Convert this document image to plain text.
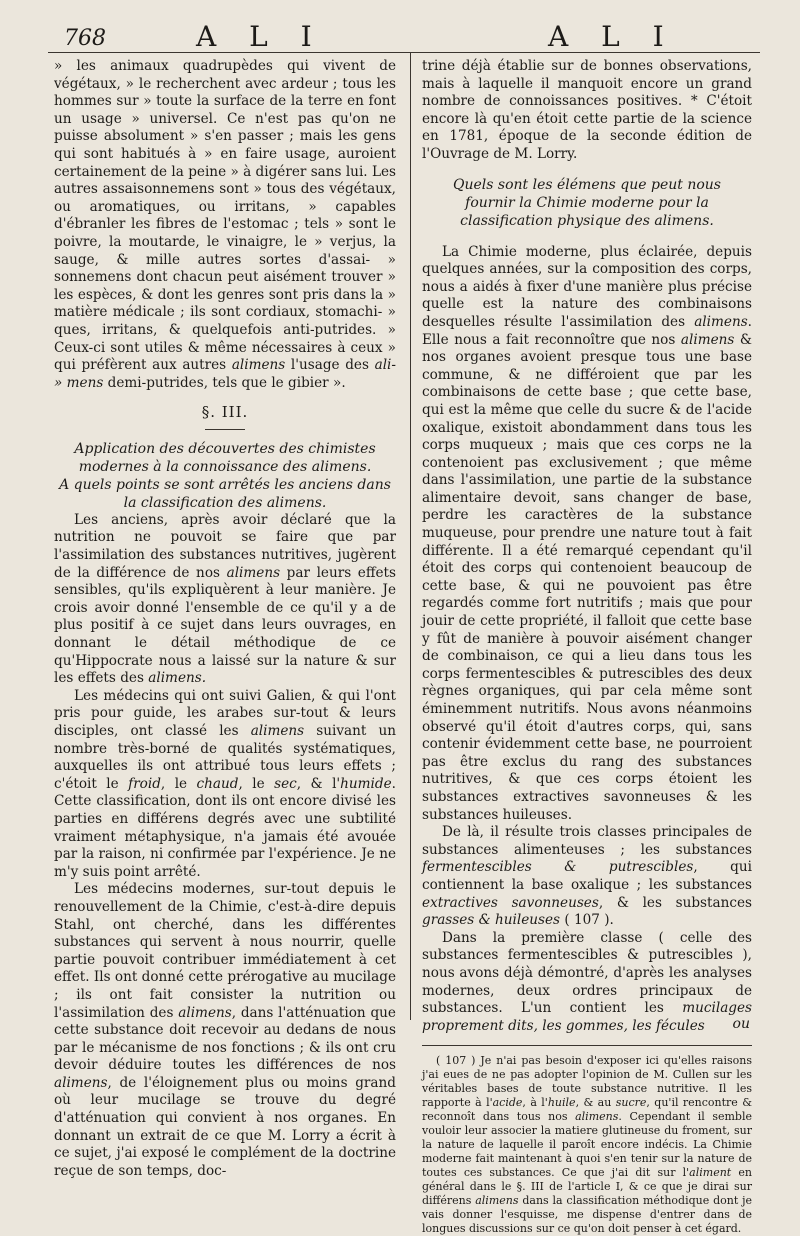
768	A L I	A L I

» les animaux quadrupèdes qui vivent de végétaux, » le recherchent avec ardeur ; tous les hommes sur » toute la surface de la terre en font un usage » universel. Ce n'est pas qu'on ne puisse absolument » s'en passer ; mais les gens qui sont habitués à » en faire usage, auroient certainement de la peine » à digérer sans lui. Les autres assaisonnemens sont » tous des végétaux, ou aromatiques, ou irritans, » capables d'ébranler les fibres de l'estomac ; tels » sont le poivre, la moutarde, le vinaigre, le » verjus, la sauge, & mille autres sortes d'assai- » sonnemens dont chacun peut aisément trouver » les espèces, & dont les genres sont pris dans la » matière médicale ; ils sont cordiaux, stomachi- » ques, irritans, & quelquefois anti-putrides. » Ceux-ci sont utiles & même nécessaires à ceux » qui préfèrent aux autres alimens l'usage des ali- » mens demi-putrides, tels que le gibier ».

§. III.

Application des découvertes des chimistes modernes à la connoissance des alimens.

A quels points se sont arrêtés les anciens dans la classification des alimens.

Les anciens, après avoir déclaré que la nutrition ne pouvoit se faire que par l'assimilation des substances nutritives, jugèrent de la différence de nos alimens par leurs effets sensibles, qu'ils expliquèrent à leur manière. Je crois avoir donné l'ensemble de ce qu'il y a de plus positif à ce sujet dans leurs ouvrages, en donnant le détail méthodique de ce qu'Hippocrate nous a laissé sur la nature & sur les effets des alimens.

Les médecins qui ont suivi Galien, & qui l'ont pris pour guide, les arabes sur-tout & leurs disciples, ont classé les alimens suivant un nombre très-borné de qualités systématiques, auxquelles ils ont attribué tous leurs effets ; c'étoit le froid, le chaud, le sec, & l'humide. Cette classification, dont ils ont encore divisé les parties en différens degrés avec une subtilité vraiment métaphysique, n'a jamais été avouée par la raison, ni confirmée par l'expérience. Je ne m'y suis point arrêté.

Les médecins modernes, sur-tout depuis le renouvellement de la Chimie, c'est-à-dire depuis Stahl, ont cherché, dans les différentes substances qui servent à nous nourrir, quelle partie pouvoit contribuer immédiatement à cet effet. Ils ont donné cette prérogative au mucilage ; ils ont fait consister la nutrition ou l'assimilation des alimens, dans l'atténuation que cette substance doit recevoir au dedans de nous par le mécanisme de nos fonctions ; & ils ont cru devoir déduire toutes les différences de nos alimens, de l'éloignement plus ou moins grand où leur mucilage se trouve du degré d'atténuation qui convient à nos organes. En donnant un extrait de ce que M. Lorry a écrit à ce sujet, j'ai exposé le complément de la doctrine reçue de son temps, doc-

trine déjà établie sur de bonnes observations, mais à laquelle il manquoit encore un grand nombre de connoissances positives. * C'étoit encore là qu'en étoit cette partie de la science en 1781, époque de la seconde édition de l'Ouvrage de M. Lorry.

Quels sont les élémens que peut nous fournir la Chimie moderne pour la classification physique des alimens.

La Chimie moderne, plus éclairée, depuis quelques années, sur la composition des corps, nous a aidés à fixer d'une manière plus précise quelle est la nature des combinaisons desquelles résulte l'assimilation des alimens. Elle nous a fait reconnoître que nos alimens & nos organes avoient presque tous une base commune, & ne différoient que par les combinaisons de cette base ; que cette base, qui est la même que celle du sucre & de l'acide oxalique, existoit abondamment dans tous les corps muqueux ; mais que ces corps ne la contenoient pas exclusivement ; que même dans l'assimilation, une partie de la substance alimentaire devoit, sans changer de base, perdre les caractères de la substance muqueuse, pour prendre une nature tout à fait différente. Il a été remarqué cependant qu'il étoit des corps qui contenoient beaucoup de cette base, & qui ne pouvoient pas être regardés comme fort nutritifs ; mais que pour jouir de cette propriété, il falloit que cette base y fût de manière à pouvoir aisément changer de combinaison, ce qui a lieu dans tous les corps fermentescibles & putrescibles des deux règnes organiques, qui par cela même sont éminemment nutritifs. Nous avons néanmoins observé qu'il étoit d'autres corps, qui, sans contenir évidemment cette base, ne pourroient pas être exclus du rang des substances nutritives, & que ces corps étoient les substances extractives savonneuses & les substances huileuses.

De là, il résulte trois classes principales de substances alimenteuses ; les substances fermentescibles & putrescibles, qui contiennent la base oxalique ; les substances extractives savonneuses, & les substances grasses & huileuses ( 107 ).

Dans la première classe ( celle des substances fermentescibles & putrescibles ), nous avons déjà démontré, d'après les analyses modernes, deux ordres principaux de substances. L'un contient les mucilages proprement dits, les gommes, les fécules

( 107 ) Je n'ai pas besoin d'exposer ici qu'elles raisons j'ai eues de ne pas adopter l'opinion de M. Cullen sur les véritables bases de toute substance nutritive. Il les rapporte à l'acide, à l'huile, & au sucre, qu'il rencontre & reconnoît dans tous nos alimens. Cependant il semble vouloir leur associer la matiere glutineuse du froment, sur la nature de laquelle il paroît encore indécis. La Chimie moderne fait maintenant à quoi s'en tenir sur la nature de toutes ces substances. Ce que j'ai dit sur l'aliment en général dans le §. III de l'article I, & ce que je dirai sur différens alimens dans la classification méthodique dont je vais donner l'esquisse, me dispense d'entrer dans de longues discussions sur ce qu'on doit penser à cet égard.

ou
